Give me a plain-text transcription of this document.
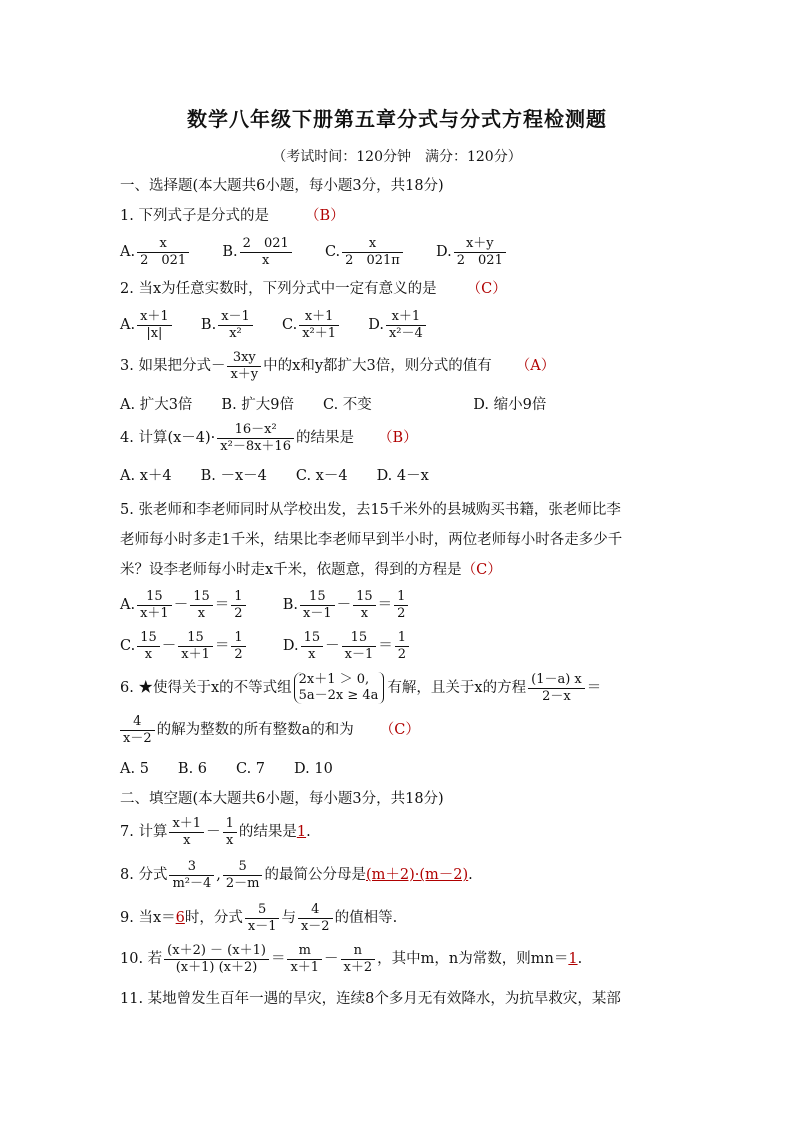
数学八年级下册第五章分式与分式方程检测题
（考试时间：120分钟　满分：120分）
一、选择题(本大题共6小题，每小题3分，共18分)
1. 下列式子是分式的是 （B）
A. $\frac{x}{2 021} B$. $\frac{2 021}{x} C$. $\frac{x}{2 021\pi} D$. $\frac{x+y}{2 021}$
2. 当x为任意实数时，下列分式中一定有意义的是 （C）
A. $\frac{x+1}{|x|} B$. $\frac{x-1}{\text{x²}} C$. $\frac{x+1}{\text{x²＋1}} D$. $\frac{x+1}{\text{x²－4}}$
3. 如果把分式－ $\frac{3xy}{x+y}$ 中的x和y都扩大3倍，则分式的值有 （A）
A. 扩大3倍　　B. 扩大9倍　　C. 不变　　　　　　　D. 缩小9倍
4. 计算$(x-4)\cdot \frac{\text{16－x²}}{\text{x²－8x＋16}}$ 的结果是 （B）
A. x＋4　　B. －x－4　　C. x－4　　D. 4－x
5. 张老师和李老师同时从学校出发，去15千米外的县城购买书籍，张老师比李
老师每小时多走1千米，结果比李老师早到半小时，两位老师每小时各走多少千
米？设李老师每小时走x千米，依题意，得到的方程是（C）
A. $\frac{15}{x+1} - \frac{15}{x} = \frac{1}{2}$	B. $\frac{15}{x-1} - \frac{15}{x} = \frac{1}{2}$
C. $\frac{15}{x} - \frac{15}{x+1} = \frac{1}{2}$	D. $\frac{15}{x} - \frac{15}{x-1} = \frac{1}{2}$
6. ★使得关于x的不等式组
2x＋1 ＞ 0,
5a－2x ≥ 4a 有解，且关于x的方程 $\frac{(1-a) x}{2-x}$ ＝
$\frac{4}{x-2}$ 的解为整数的所有整数a的和为 （C）
A. 5　　B. 6　　C. 7　　D. 10
二、填空题(本大题共6小题，每小题3分，共18分)
7. 计算 $\frac{x+1}{x} - \frac{1}{x}$ 的结果是1.
8. 分式 $\frac{3}{\text{m²－4}}$ , $\frac{5}{2-m}$ 的最简公分母是(m＋2)·(m－2).
9. 当x＝6时，分式 $\frac{5}{x-1}$ 与 $\frac{4}{x-2}$ 的值相等.
10. 若 $\frac{(x+2) - (x+1)}{(x+1) (x+2)} = \frac{m}{x+1} - \frac{n}{x+2}$ ，其中m，n为常数，则mn＝1.
11. 某地曾发生百年一遇的旱灾，连续8个多月无有效降水，为抗旱救灾，某部
